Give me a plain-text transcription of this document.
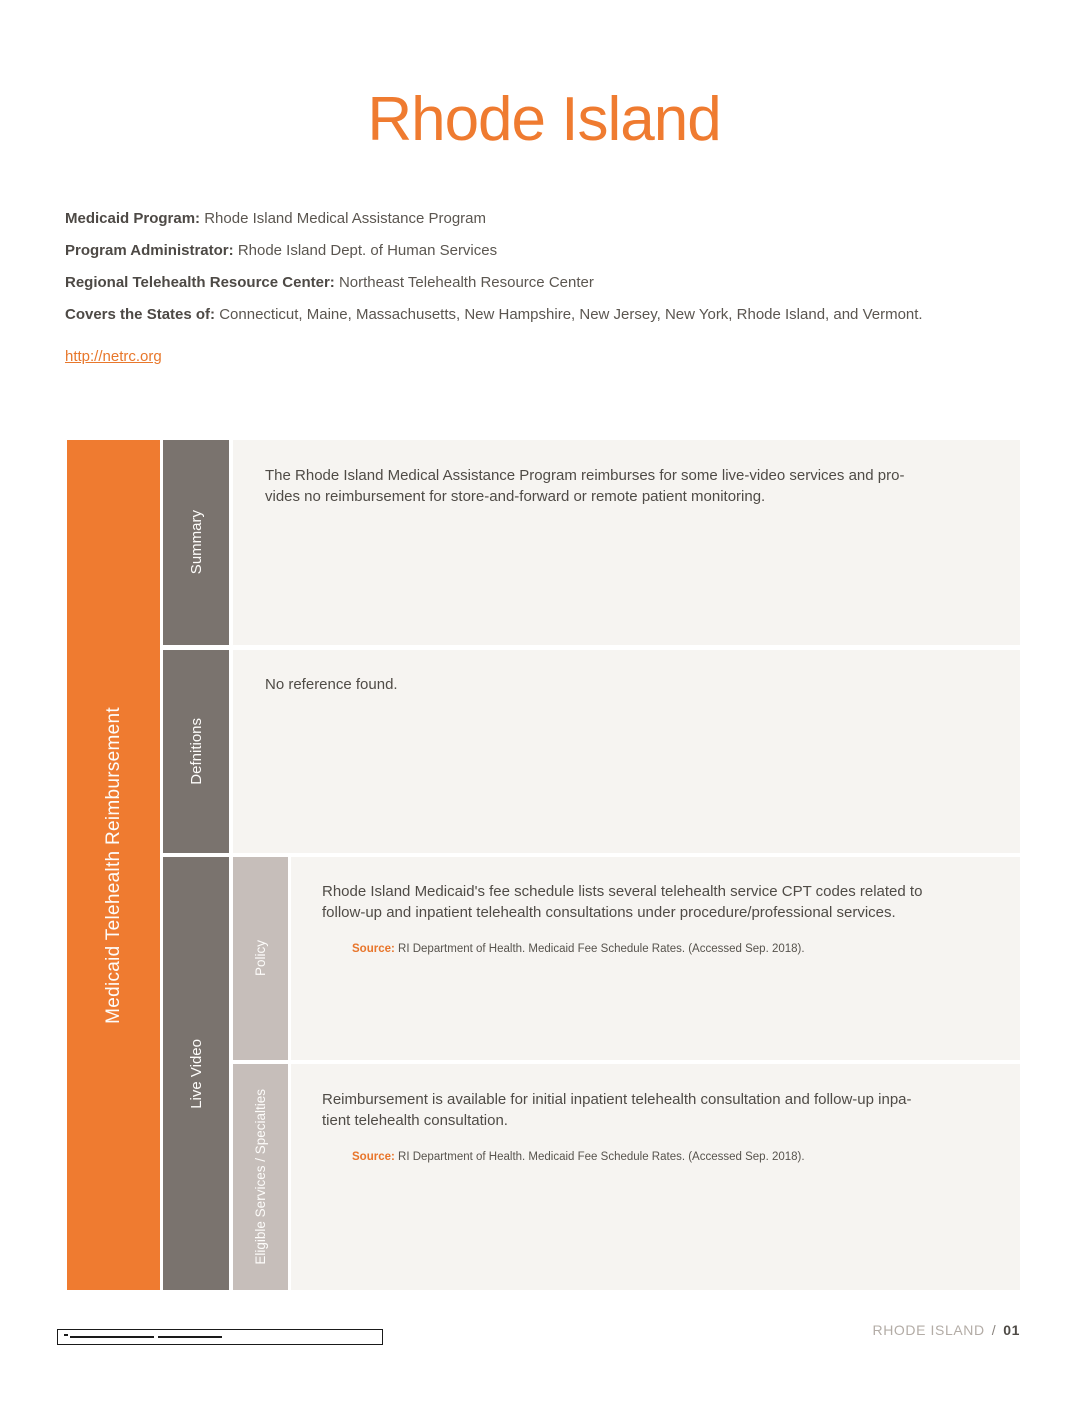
Rhode Island

Medicaid Program: Rhode Island Medical Assistance Program

Program Administrator: Rhode Island Dept. of Human Services

Regional Telehealth Resource Center: Northeast Telehealth Resource Center

Covers the States of: Connecticut, Maine, Massachusetts, New Hampshire, New Jersey, New York, Rhode Island, and Vermont.

http://netrc.org
Medicaid Telehealth Reimbursement
Summary
The Rhode Island Medical Assistance Program reimburses for some live-video services and pro-
vides no reimbursement for store-and-forward or remote patient monitoring.
Defnitions
No reference found.
Live Video
Policy
Rhode Island Medicaid's fee schedule lists several telehealth service CPT codes related to
follow-up and inpatient telehealth consultations under procedure/professional services.
Source: RI Department of Health. Medicaid Fee Schedule Rates. (Accessed Sep. 2018).
Eligible Services / Specialties	Reimbursement is available for initial inpatient telehealth consultation and follow-up inpa-
tient telehealth consultation.
Source: RI Department of Health. Medicaid Fee Schedule Rates. (Accessed Sep. 2018).
RHODE ISLAND / 01
